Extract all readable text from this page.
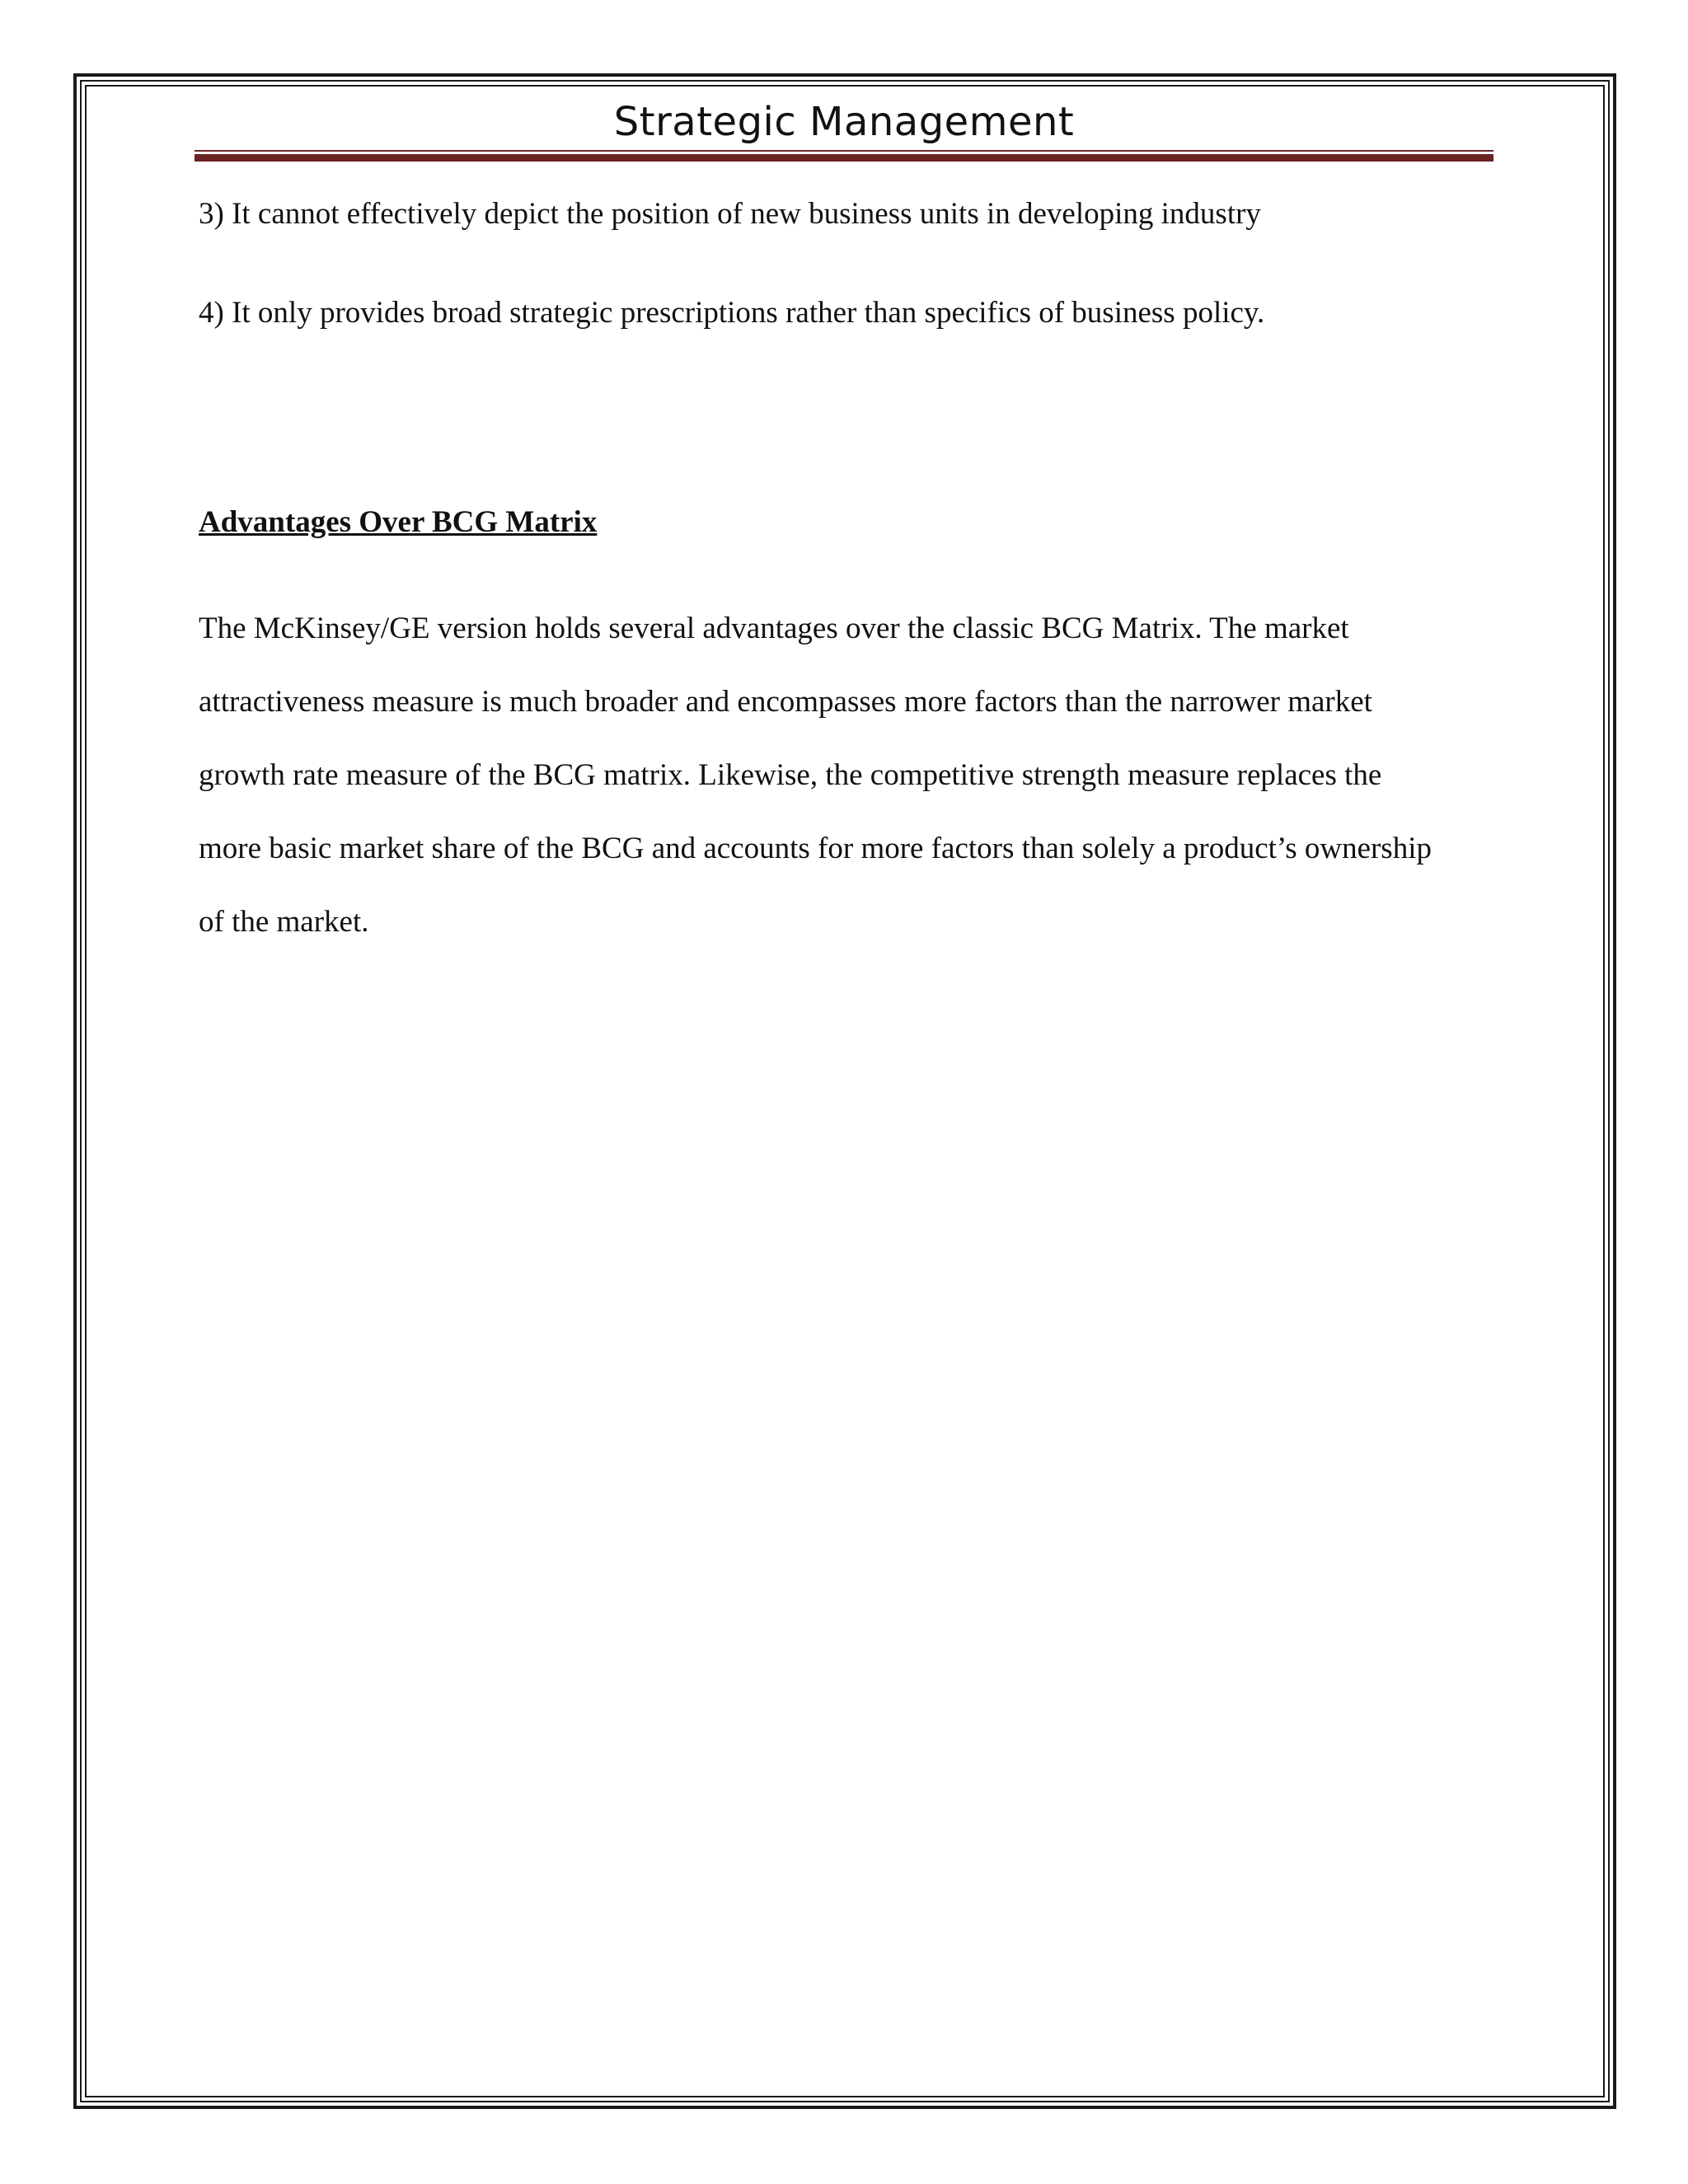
Strategic Management

3) It cannot effectively depict the position of new business units in developing industry

4) It only provides broad strategic prescriptions rather than specifics of business policy.

Advantages Over BCG Matrix

The McKinsey/GE version holds several advantages over the classic BCG Matrix. The market
attractiveness measure is much broader and encompasses more factors than the narrower market
growth rate measure of the BCG matrix. Likewise, the competitive strength measure replaces the
more basic market share of the BCG and accounts for more factors than solely a product’s ownership
of the market.
